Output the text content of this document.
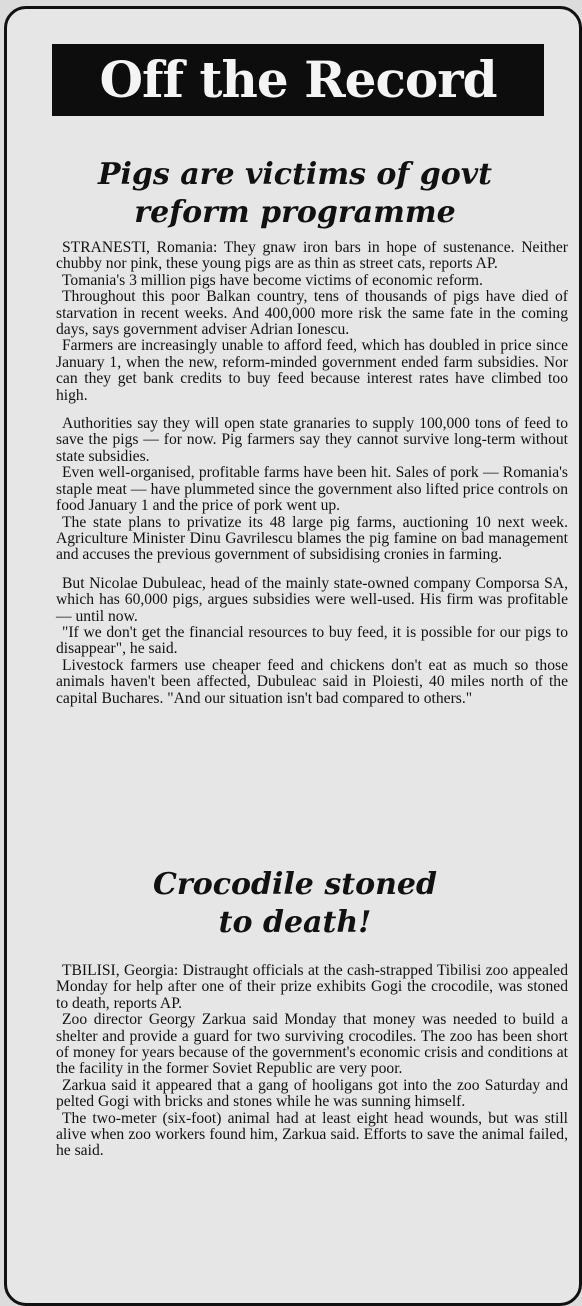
Off the Record
Pigs are victims of govt
reform programme

STRANESTI, Romania: They gnaw iron bars in hope of sustenance. Neither chubby nor pink, these young pigs are as thin as street cats, reports AP.

Tomania's 3 million pigs have become victims of economic reform.

Throughout this poor Balkan country, tens of thousands of pigs have died of starvation in recent weeks. And 400,000 more risk the same fate in the coming days, says government adviser Adrian Ionescu.

Farmers are increasingly unable to afford feed, which has doubled in price since January 1, when the new, reform-minded government ended farm subsidies. Nor can they get bank credits to buy feed because interest rates have climbed too high.

Authorities say they will open state granaries to supply 100,000 tons of feed to save the pigs — for now. Pig farmers say they cannot survive long-term without state subsidies.

Even well-organised, profitable farms have been hit. Sales of pork — Romania's staple meat — have plummeted since the government also lifted price controls on food January 1 and the price of pork went up.

The state plans to privatize its 48 large pig farms, auctioning 10 next week. Agriculture Minister Dinu Gavrilescu blames the pig famine on bad management and accuses the previous government of subsidising cronies in farming.

But Nicolae Dubuleac, head of the mainly state-owned company Comporsa SA, which has 60,000 pigs, argues subsidies were well-used. His firm was profitable — until now.

"If we don't get the financial resources to buy feed, it is possible for our pigs to disappear", he said.

Livestock farmers use cheaper feed and chickens don't eat as much so those animals haven't been affected, Dubuleac said in Ploiesti, 40 miles north of the capital Buchares. "And our situation isn't bad compared to others."

Crocodile stoned
to death!

TBILISI, Georgia: Distraught officials at the cash-strapped Tibilisi zoo appealed Monday for help after one of their prize exhibits Gogi the crocodile, was stoned to death, reports AP.

Zoo director Georgy Zarkua said Monday that money was needed to build a shelter and provide a guard for two surviving crocodiles. The zoo has been short of money for years because of the government's economic crisis and conditions at the facility in the former Soviet Republic are very poor.

Zarkua said it appeared that a gang of hooligans got into the zoo Saturday and pelted Gogi with bricks and stones while he was sunning himself.

The two-meter (six-foot) animal had at least eight head wounds, but was still alive when zoo workers found him, Zarkua said. Efforts to save the animal failed, he said.
